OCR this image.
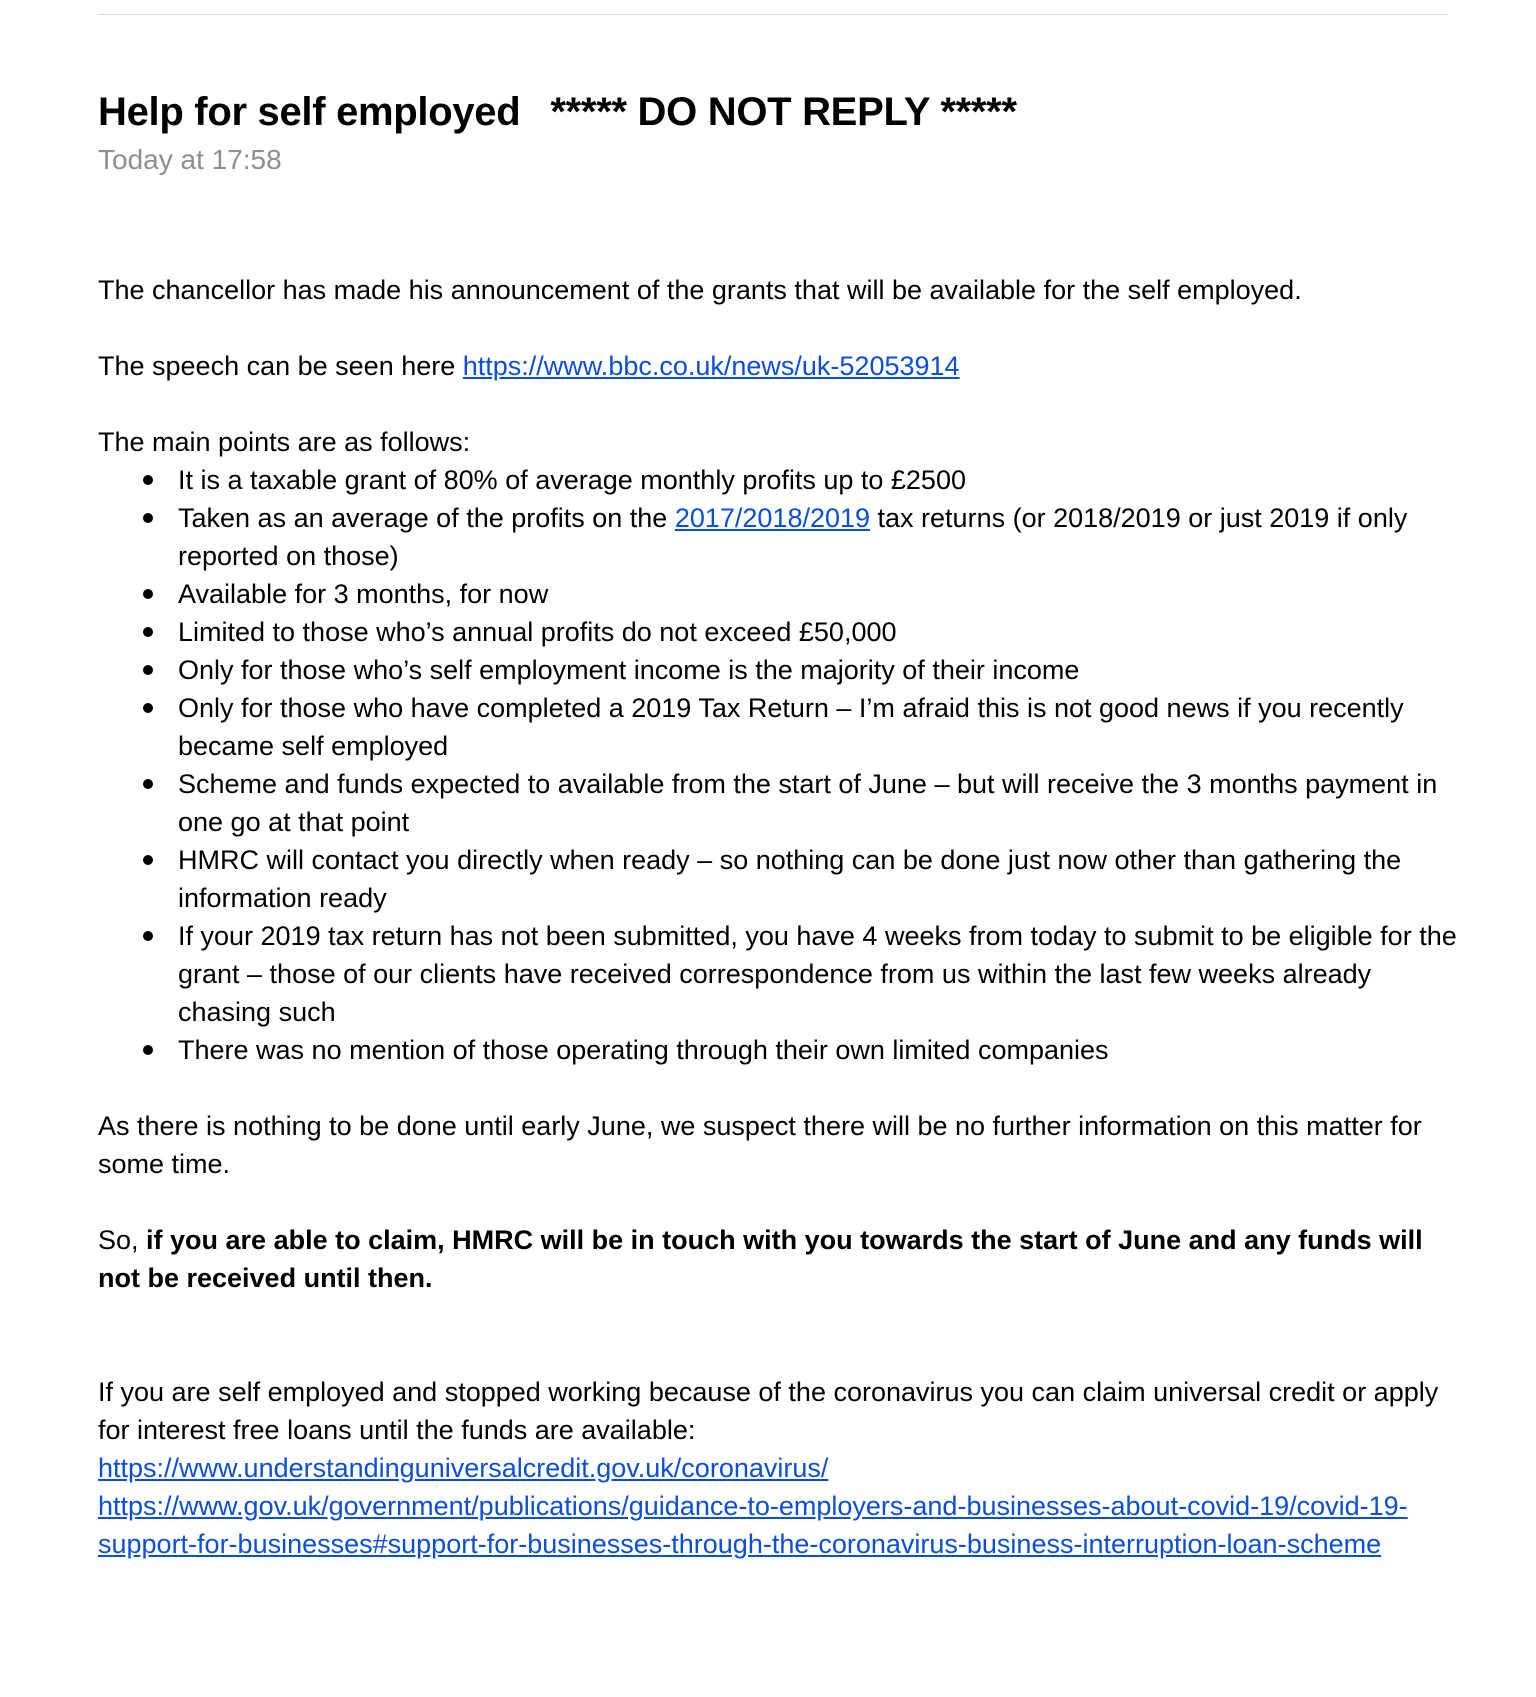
Help for self employed ***** DO NOT REPLY *****
Today at 17:58

The chancellor has made his announcement of the grants that will be available for the self employed.

The speech can be seen here https://www.bbc.co.uk/news/uk-52053914

The main points are as follows:

It is a taxable grant of 80% of average monthly profits up to £2500
Taken as an average of the profits on the 2017/2018/2019 tax returns (or 2018/2019 or just 2019 if only reported on those)
Available for 3 months, for now
Limited to those who’s annual profits do not exceed £50,000
Only for those who’s self employment income is the majority of their income
Only for those who have completed a 2019 Tax Return – I’m afraid this is not good news if you recently became self employed
Scheme and funds expected to available from the start of June – but will receive the 3 months payment in one go at that point
HMRC will contact you directly when ready – so nothing can be done just now other than gathering the information ready
If your 2019 tax return has not been submitted, you have 4 weeks from today to submit to be eligible for the grant – those of our clients have received correspondence from us within the last few weeks already chasing such
There was no mention of those operating through their own limited companies

As there is nothing to be done until early June, we suspect there will be no further information on this matter for some time.

So, if you are able to claim, HMRC will be in touch with you towards the start of June and any funds will not be received until then.

If you are self employed and stopped working because of the coronavirus you can claim universal credit or apply for interest free loans until the funds are available:

https://www.understandinguniversalcredit.gov.uk/coronavirus/

https://www.gov.uk/government/publications/guidance-to-employers-and-businesses-about-covid-19/covid-19-support-for-businesses#support-for-businesses-through-the-coronavirus-business-interruption-loan-scheme
